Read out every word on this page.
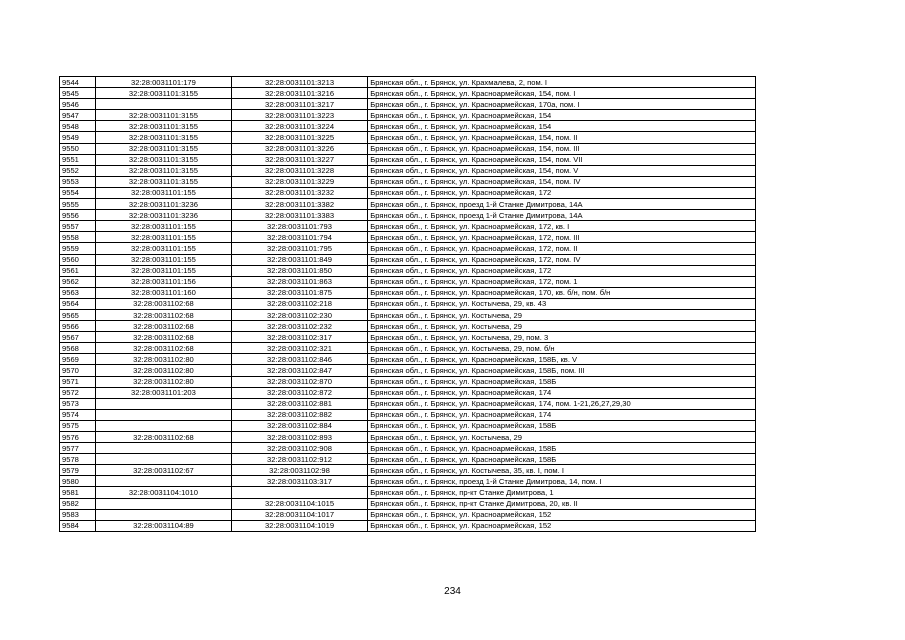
9544	32:28:0031101:179	32:28:0031101:3213	Брянская обл., г. Брянск, ул. Крахмалева, 2, пом. I
9545	32:28:0031101:3155	32:28:0031101:3216	Брянская обл., г. Брянск, ул. Красноармейская, 154, пом. I
9546		32:28:0031101:3217	Брянская обл., г. Брянск, ул. Красноармейская, 170а, пом. I
9547	32:28:0031101:3155	32:28:0031101:3223	Брянская обл., г. Брянск, ул. Красноармейская, 154
9548	32:28:0031101:3155	32:28:0031101:3224	Брянская обл., г. Брянск, ул. Красноармейская, 154
9549	32:28:0031101:3155	32:28:0031101:3225	Брянская обл., г. Брянск, ул. Красноармейская, 154, пом. II
9550	32:28:0031101:3155	32:28:0031101:3226	Брянская обл., г. Брянск, ул. Красноармейская, 154, пом. III
9551	32:28:0031101:3155	32:28:0031101:3227	Брянская обл., г. Брянск, ул. Красноармейская, 154, пом. VII
9552	32:28:0031101:3155	32:28:0031101:3228	Брянская обл., г. Брянск, ул. Красноармейская, 154, пом. V
9553	32:28:0031101:3155	32:28:0031101:3229	Брянская обл., г. Брянск, ул. Красноармейская, 154, пом. IV
9554	32:28:0031101:155	32:28:0031101:3232	Брянская обл., г. Брянск, ул. Красноармейская, 172
9555	32:28:0031101:3236	32:28:0031101:3382	Брянская обл., г. Брянск, проезд 1-й Станке Димитрова, 14А
9556	32:28:0031101:3236	32:28:0031101:3383	Брянская обл., г. Брянск, проезд 1-й Станке Димитрова, 14А
9557	32:28:0031101:155	32:28:0031101:793	Брянская обл., г. Брянск, ул. Красноармейская, 172, кв. I
9558	32:28:0031101:155	32:28:0031101:794	Брянская обл., г. Брянск, ул. Красноармейская, 172, пом. III
9559	32:28:0031101:155	32:28:0031101:795	Брянская обл., г. Брянск, ул. Красноармейская, 172, пом. II
9560	32:28:0031101:155	32:28:0031101:849	Брянская обл., г. Брянск, ул. Красноармейская, 172, пом. IV
9561	32:28:0031101:155	32:28:0031101:850	Брянская обл., г. Брянск, ул. Красноармейская, 172
9562	32:28:0031101:156	32:28:0031101:863	Брянская обл., г. Брянск, ул. Красноармейская, 172, пом. 1
9563	32:28:0031101:160	32:28:0031101:875	Брянская обл., г. Брянск, ул. Красноармейская, 170, кв. б/н, пом. б/н
9564	32:28:0031102:68	32:28:0031102:218	Брянская обл., г. Брянск, ул. Костычева, 29, кв. 43
9565	32:28:0031102:68	32:28:0031102:230	Брянская обл., г. Брянск, ул. Костычева, 29
9566	32:28:0031102:68	32:28:0031102:232	Брянская обл., г. Брянск, ул. Костычева, 29
9567	32:28:0031102:68	32:28:0031102:317	Брянская обл., г. Брянск, ул. Костычева, 29, пом. 3
9568	32:28:0031102:68	32:28:0031102:321	Брянская обл., г. Брянск, ул. Костычева, 29, пом. б/н
9569	32:28:0031102:80	32:28:0031102:846	Брянская обл., г. Брянск, ул. Красноармейская, 158Б, кв. V
9570	32:28:0031102:80	32:28:0031102:847	Брянская обл., г. Брянск, ул. Красноармейская, 158Б, пом. III
9571	32:28:0031102:80	32:28:0031102:870	Брянская обл., г. Брянск, ул. Красноармейская, 158Б
9572	32:28:0031101:203	32:28:0031102:872	Брянская обл., г. Брянск, ул. Красноармейская, 174
9573		32:28:0031102:881	Брянская обл., г. Брянск, ул. Красноармейская, 174, пом. 1-21,26,27,29,30
9574		32:28:0031102:882	Брянская обл., г. Брянск, ул. Красноармейская, 174
9575		32:28:0031102:884	Брянская обл., г. Брянск, ул. Красноармейская, 158Б
9576	32:28:0031102:68	32:28:0031102:893	Брянская обл., г. Брянск, ул. Костычева, 29
9577		32:28:0031102:908	Брянская обл., г. Брянск, ул. Красноармейская, 158Б
9578		32:28:0031102:912	Брянская обл., г. Брянск, ул. Красноармейская, 158Б
9579	32:28:0031102:67	32:28:0031102:98	Брянская обл., г. Брянск, ул. Костычева, 35, кв. I, пом. I
9580		32:28:0031103:317	Брянская обл., г. Брянск, проезд 1-й Станке Димитрова, 14, пом. I
9581	32:28:0031104:1010		Брянская обл., г. Брянск, пр-кт Станке Димитрова, 1
9582		32:28:0031104:1015	Брянская обл., г. Брянск, пр-кт Станке Димитрова, 20, кв. II
9583		32:28:0031104:1017	Брянская обл., г. Брянск, ул. Красноармейская, 152
9584	32:28:0031104:89	32:28:0031104:1019	Брянская обл., г. Брянск, ул. Красноармейская, 152
234
